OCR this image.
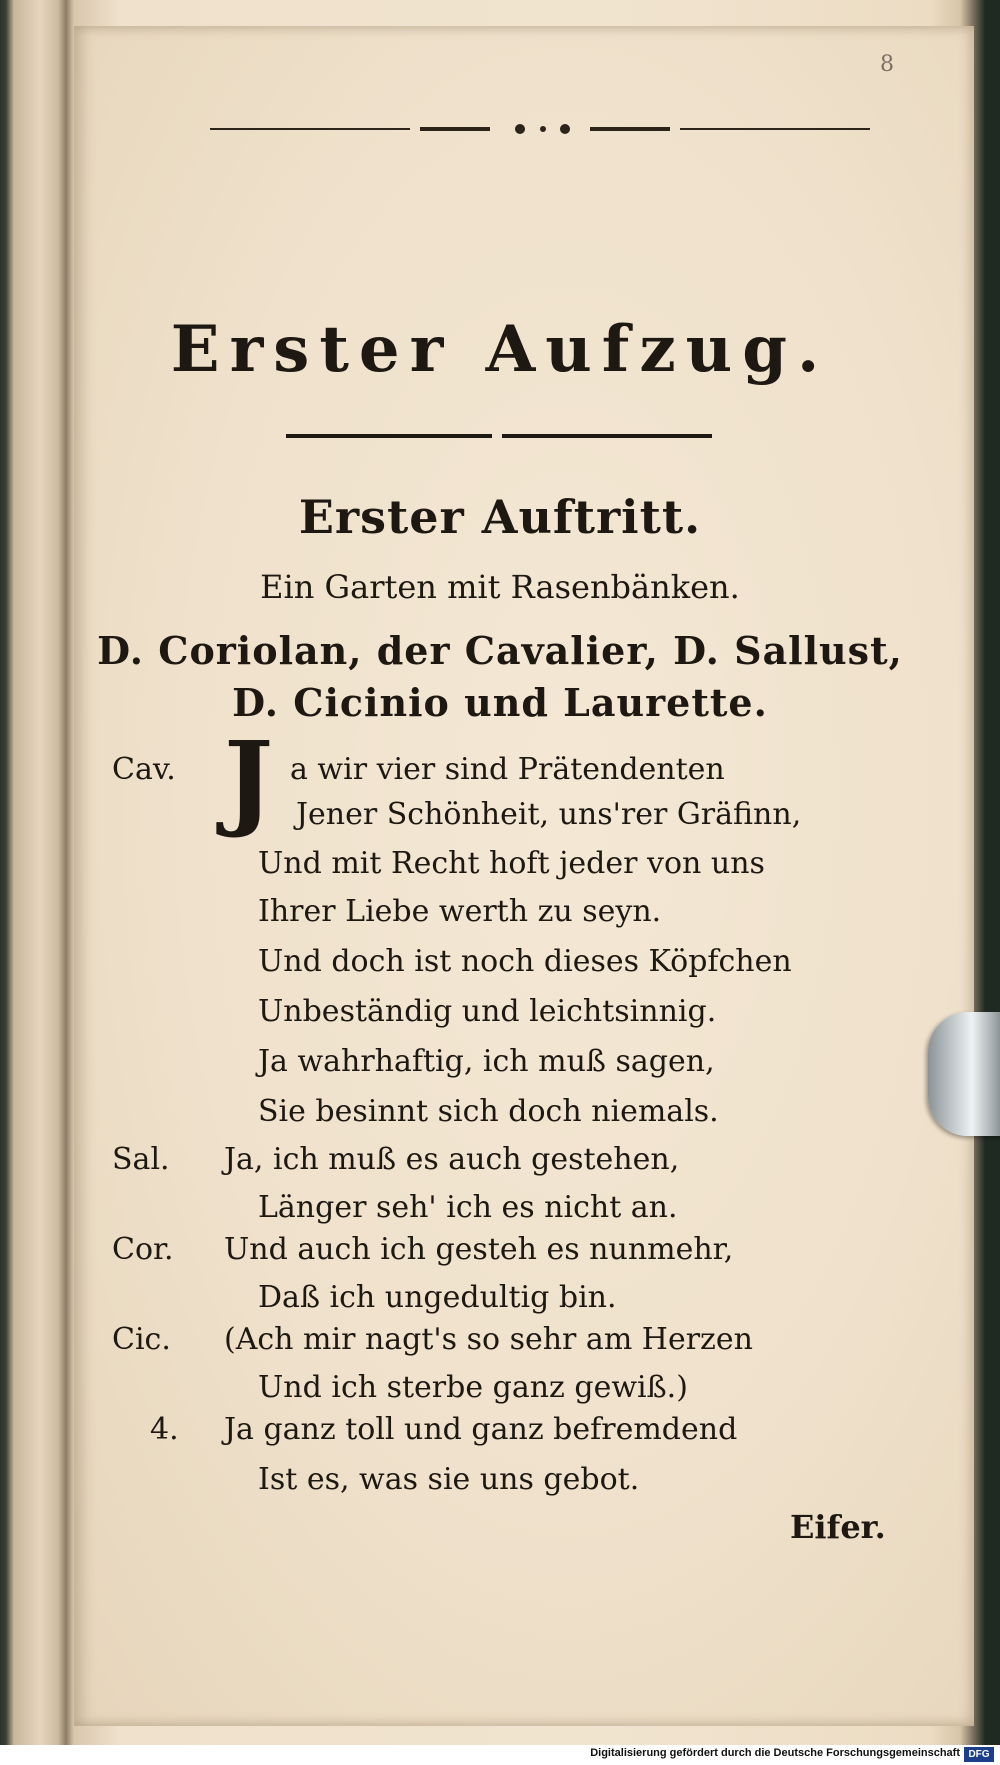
8
Erster Aufzug.
Erster Auftritt.
Ein Garten mit Rasenbänken.
D. Coriolan, der Cavalier, D. Sallust,
D. Cicinio und Laurette.
J
Cav.
Sal.
Cor.
Cic.
4.
a wir vier sind Prätendenten
Jener Schönheit, uns'rer Gräfinn,
Und mit Recht hoft jeder von uns
Ihrer Liebe werth zu seyn.
Und doch ist noch dieses Köpfchen
Unbeständig und leichtsinnig.
Ja wahrhaftig, ich muß sagen,
Sie besinnt sich doch niemals.
Ja, ich muß es auch gestehen,
Länger seh' ich es nicht an.
Und auch ich gesteh es nunmehr,
Daß ich ungedultig bin.
(Ach mir nagt's so sehr am Herzen
Und ich sterbe ganz gewiß.)
Ja ganz toll und ganz befremdend
Ist es, was sie uns gebot.
Eifer.
Digitalisierung gefördert durch die Deutsche Forschungsgemeinschaft DFG
